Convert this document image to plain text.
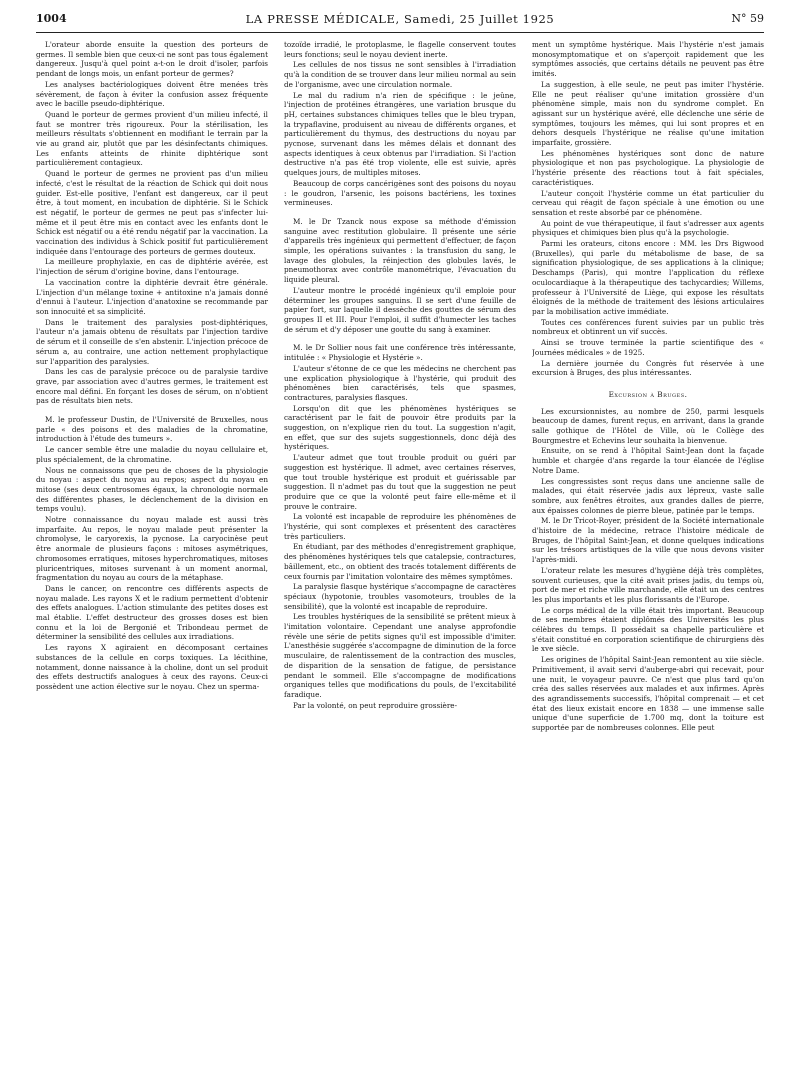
1004	LA PRESSE MÉDICALE, Samedi, 25 Juillet 1925	N° 59

L'orateur aborde ensuite la question des porteurs de germes. Il semble bien que ceux-ci ne sont pas tous également dangereux. Jusqu'à quel point a-t-on le droit d'isoler, parfois pendant de longs mois, un enfant porteur de germes?

Les analyses bactériologiques doivent être menées très sévèrement, de façon à éviter la confusion assez fréquente avec le bacille pseudo-diphtérique.

Quand le porteur de germes provient d'un milieu infecté, il faut se montrer très rigoureux. Pour la stérilisation, les meilleurs résultats s'obtiennent en modifiant le terrain par la vie au grand air, plutôt que par les désinfectants chimiques. Les enfants atteints de rhinite diphtérique sont particulièrement contagieux.

Quand le porteur de germes ne provient pas d'un milieu infecté, c'est le résultat de la réaction de Schick qui doit nous guider. Est-elle positive, l'enfant est dangereux, car il peut être, à tout moment, en incubation de diphtérie. Si le Schick est négatif, le porteur de germes ne peut pas s'infecter lui-même et il peut être mis en contact avec les enfants dont le Schick est négatif ou a été rendu négatif par la vaccination. La vaccination des individus à Schick positif fut particulièrement indiquée dans l'entourage des porteurs de germes douteux.

La meilleure prophylaxie, en cas de diphtérie avérée, est l'injection de sérum d'origine bovine, dans l'entourage.

La vaccination contre la diphtérie devrait être générale. L'injection d'un mélange toxine + antitoxine n'a jamais donné d'ennui à l'auteur. L'injection d'anatoxine se recommande par son innocuité et sa simplicité.

Dans le traitement des paralysies post-diphtériques, l'auteur n'a jamais obtenu de résultats par l'injection tardive de sérum et il conseille de s'en abstenir. L'injection précoce de sérum a, au contraire, une action nettement prophylactique sur l'apparition des paralysies.

Dans les cas de paralysie précoce ou de paralysie tardive grave, par association avec d'autres germes, le traitement est encore mal défini. En forçant les doses de sérum, on n'obtient pas de résultats bien nets.

M. le professeur Dustin, de l'Université de Bruxelles, nous parle « des poisons et des maladies de la chromatine, introduction à l'étude des tumeurs ».

Le cancer semble être une maladie du noyau cellulaire et, plus spécialement, de la chromatine.

Nous ne connaissons que peu de choses de la physiologie du noyau : aspect du noyau au repos; aspect du noyau en mitose (ses deux centrosomes égaux, la chronologie normale des différentes phases, le déclenchement de la division en temps voulu).

Notre connaissance du noyau malade est aussi très imparfaite. Au repos, le noyau malade peut présenter la chromolyse, le caryorexis, la pycnose. La caryocinèse peut être anormale de plusieurs façons : mitoses asymétriques, chromosomes erratiques, mitoses hyperchromatiques, mitoses pluricentriques, mitoses survenant à un moment anormal, fragmentation du noyau au cours de la métaphase.

Dans le cancer, on rencontre ces différents aspects de noyau malade. Les rayons X et le radium permettent d'obtenir des effets analogues. L'action stimulante des petites doses est mal établie. L'effet destructeur des grosses doses est bien connu et la loi de Bergonié et Tribondeau permet de déterminer la sensibilité des cellules aux irradiations.

Les rayons X agiraient en décomposant certaines substances de la cellule en corps toxiques. La lécithine, notamment, donne naissance à la choline, dont un sel produit des effets destructifs analogues à ceux des rayons. Ceux-ci possèdent une action élective sur le noyau. Chez un sperma-

tozoïde irradié, le protoplasme, le flagelle conservent toutes leurs fonctions; seul le noyau devient inerte.

Les cellules de nos tissus ne sont sensibles à l'irradiation qu'à la condition de se trouver dans leur milieu normal au sein de l'organisme, avec une circulation normale.

Le mal du radium n'a rien de spécifique : le jeûne, l'injection de protéines étrangères, une variation brusque du pH, certaines substances chimiques telles que le bleu trypan, la trypaflavine, produisent au niveau de différents organes, et particulièrement du thymus, des destructions du noyau par pycnose, survenant dans les mêmes délais et donnant des aspects identiques à ceux obtenus par l'irradiation. Si l'action destructive n'a pas été trop violente, elle est suivie, après quelques jours, de multiples mitoses.

Beaucoup de corps cancérigènes sont des poisons du noyau : le goudron, l'arsenic, les poisons bactériens, les toxines vermineuses.

M. le Dr Tzanck nous expose sa méthode d'émission sanguine avec restitution globulaire. Il présente une série d'appareils très ingénieux qui permettent d'effectuer, de façon simple, les opérations suivantes : la transfusion du sang, le lavage des globules, la réinjection des globules lavés, le pneumothorax avec contrôle manométrique, l'évacuation du liquide pleural.

L'auteur montre le procédé ingénieux qu'il emploie pour déterminer les groupes sanguins. Il se sert d'une feuille de papier fort, sur laquelle il dessèche des gouttes de sérum des groupes II et III. Pour l'emploi, il suffit d'humecter les taches de sérum et d'y déposer une goutte du sang à examiner.

M. le Dr Sollier nous fait une conférence très intéressante, intitulée : « Physiologie et Hystérie ».

L'auteur s'étonne de ce que les médecins ne cherchent pas une explication physiologique à l'hystérie, qui produit des phénomènes bien caractérisés, tels que spasmes, contractures, paralysies flasques.

Lorsqu'on dit que les phénomènes hystériques se caractérisent par le fait de pouvoir être produits par la suggestion, on n'explique rien du tout. La suggestion n'agit, en effet, que sur des sujets suggestionnels, donc déjà des hystériques.

L'auteur admet que tout trouble produit ou guéri par suggestion est hystérique. Il admet, avec certaines réserves, que tout trouble hystérique est produit et guérissable par suggestion. Il n'admet pas du tout que la suggestion ne peut produire que ce que la volonté peut faire elle-même et il prouve le contraire.

La volonté est incapable de reproduire les phénomènes de l'hystérie, qui sont complexes et présentent des caractères très particuliers.

En étudiant, par des méthodes d'enregistrement graphique, des phénomènes hystériques tels que catalepsie, contractures, bâillement, etc., on obtient des tracés totalement différents de ceux fournis par l'imitation volontaire des mêmes symptômes.

La paralysie flasque hystérique s'accompagne de caractères spéciaux (hypotonie, troubles vasomoteurs, troubles de la sensibilité), que la volonté est incapable de reproduire.

Les troubles hystériques de la sensibilité se prêtent mieux à l'imitation volontaire. Cependant une analyse approfondie révèle une série de petits signes qu'il est impossible d'imiter. L'anesthésie suggérée s'accompagne de diminution de la force musculaire, de ralentissement de la contraction des muscles, de disparition de la sensation de fatigue, de persistance pendant le sommeil. Elle s'accompagne de modifications organiques telles que modifications du pouls, de l'excitabilité faradique.

Par la volonté, on peut reproduire grossière-

ment un symptôme hystérique. Mais l'hystérie n'est jamais monosymptomatique et on s'aperçoit rapidement que les symptômes associés, que certains détails ne peuvent pas être imités.

La suggestion, à elle seule, ne peut pas imiter l'hystérie. Elle ne peut réaliser qu'une imitation grossière d'un phénomène simple, mais non du syndrome complet. En agissant sur un hystérique avéré, elle déclenche une série de symptômes, toujours les mêmes, qui lui sont propres et en dehors desquels l'hystérique ne réalise qu'une imitation imparfaite, grossière.

Les phénomènes hystériques sont donc de nature physiologique et non pas psychologique. La physiologie de l'hystérie présente des réactions tout à fait spéciales, caractéristiques.

L'auteur conçoit l'hystérie comme un état particulier du cerveau qui réagit de façon spéciale à une émotion ou une sensation et reste absorbé par ce phénomène.

Au point de vue thérapeutique, il faut s'adresser aux agents physiques et chimiques bien plus qu'à la psychologie.

Parmi les orateurs, citons encore : MM. les Drs Bigwood (Bruxelles), qui parle du métabolisme de base, de sa signification physiologique, de ses applications à la clinique; Deschamps (Paris), qui montre l'application du réflexe oculocardiaque à la thérapeutique des tachycardies; Willems, professeur à l'Université de Liège, qui expose les résultats éloignés de la méthode de traitement des lésions articulaires par la mobilisation active immédiate.

Toutes ces conférences furent suivies par un public très nombreux et obtinrent un vif succès.

Ainsi se trouve terminée la partie scientifique des « Journées médicales » de 1925.

La dernière journée du Congrès fut réservée à une excursion à Bruges, des plus intéressantes.

Excursion à Bruges.

Les excursionnistes, au nombre de 250, parmi lesquels beaucoup de dames, furent reçus, en arrivant, dans la grande salle gothique de l'Hôtel de Ville, où le Collège des Bourgmestre et Echevins leur souhaita la bienvenue.

Ensuite, on se rend à l'hôpital Saint-Jean dont la façade humble et chargée d'ans regarde la tour élancée de l'église Notre Dame.

Les congressistes sont reçus dans une ancienne salle de malades, qui était réservée jadis aux lépreux, vaste salle sombre, aux fenêtres étroites, aux grandes dalles de pierre, aux épaisses colonnes de pierre bleue, patinée par le temps.

M. le Dr Tricot-Royer, président de la Société internationale d'histoire de la médecine, retrace l'histoire médicale de Bruges, de l'hôpital Saint-Jean, et donne quelques indications sur les trésors artistiques de la ville que nous devons visiter l'après-midi.

L'orateur relate les mesures d'hygiène déjà très complètes, souvent curieuses, que la cité avait prises jadis, du temps où, port de mer et riche ville marchande, elle était un des centres les plus importants et les plus florissants de l'Europe.

Le corps médical de la ville était très important. Beaucoup de ses membres étaient diplômés des Universités les plus célèbres du temps. Il possédait sa chapelle particulière et s'était constitué en corporation scientifique de chirurgiens dès le xve siècle.

Les origines de l'hôpital Saint-Jean remontent au xiie siècle. Primitivement, il avait servi d'auberge-abri qui recevait, pour une nuit, le voyageur pauvre. Ce n'est que plus tard qu'on créa des salles réservées aux malades et aux infirmes. Après des agrandissements successifs, l'hôpital comprenait — et cet état des lieux existait encore en 1838 — une immense salle unique d'une superficie de 1.700 mq, dont la toiture est supportée par de nombreuses colonnes. Elle peut
